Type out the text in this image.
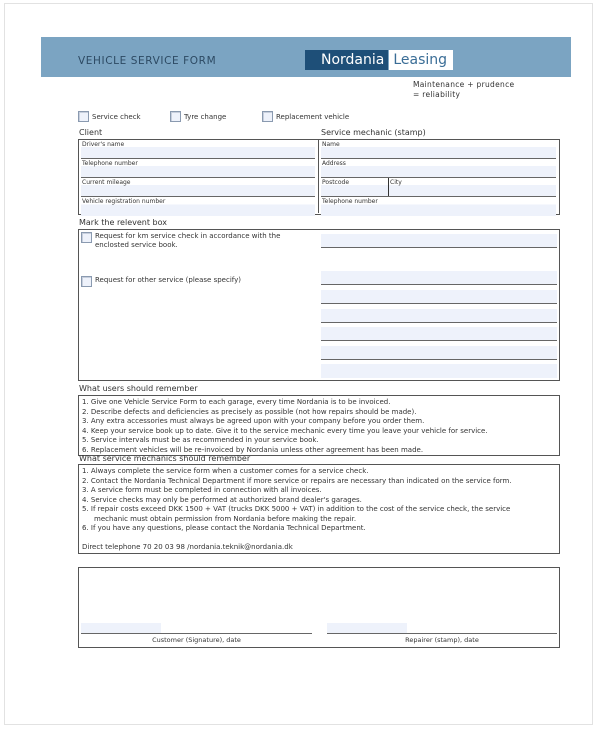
VEHICLE SERVICE FORM	Nordania Leasing
Maintenance + prudence
= reliability
Service check	Tyre change	Replacement vehicle
Client	Service mechanic (stamp)
Driver's name
Telephone number
Current mileage
Vehicle registration number
Name
Address
Postcode	City
Telephone number
Mark the relevent box
Request for km service check in accordance with the
enclosted service book.
Request for other service (please specify)
What users should remember
1. Give one Vehicle Service Form to each garage, every time Nordania is to be invoiced.
2. Describe defects and deficiencies as precisely as possible (not how repairs should be made).
3. Any extra accessories must always be agreed upon with your company before you order them.
4. Keep your service book up to date. Give it to the service mechanic every time you leave your vehicle for service.
5. Service intervals must be as recommended in your service book.
6. Replacement vehicles will be re-invoiced by Nordania unless other agreement has been made.
What service mechanics should remember
1. Always complete the service form when a customer comes for a service check.
2. Contact the Nordania Technical Department if more service or repairs are necessary than indicated on the service form.
3. A service form must be completed in connection with all invoices.
4. Service checks may only be performed at authorized brand dealer's garages.
5. If repair costs exceed DKK 1500 + VAT (trucks DKK 5000 + VAT) in addition to the cost of the service check, the service
mechanic must obtain permission from Nordania before making the repair.
6. If you have any questions, please contact the Nordania Technical Department.
Direct telephone 70 20 03 98 /nordania.teknik@nordania.dk
Customer (Signature), date	Repairer (stamp), date
